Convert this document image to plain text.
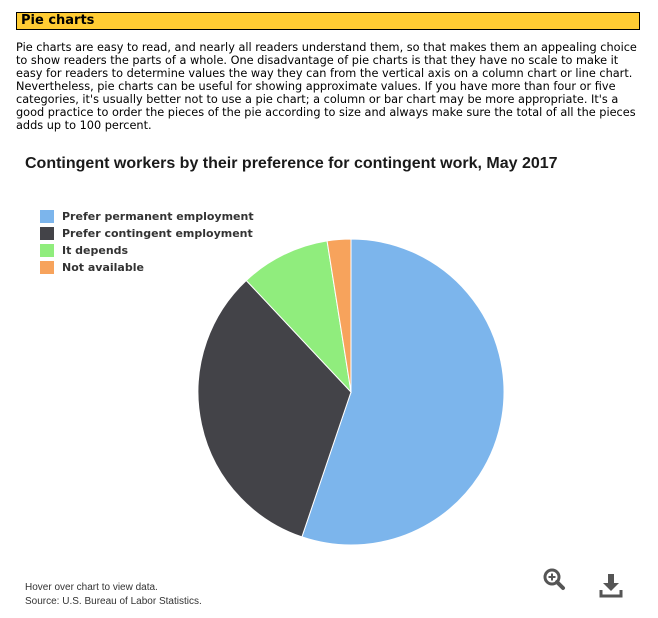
Pie charts
Pie charts are easy to read, and nearly all readers understand them, so that makes them an appealing choice to show readers the parts of a whole. One disadvantage of pie charts is that they have no scale to make it easy for readers to determine values the way they can from the vertical axis on a column chart or line chart. Nevertheless, pie charts can be useful for showing approximate values. If you have more than four or five categories, it's usually better not to use a pie chart; a column or bar chart may be more appropriate. It's a good practice to order the pieces of the pie according to size and always make sure the total of all the pieces adds up to 100 percent.
Contingent workers by their preference for contingent work, May 2017
Prefer permanent employment
Prefer contingent employment
It depends
Not available
Hover over chart to view data.
Source: U.S. Bureau of Labor Statistics.
